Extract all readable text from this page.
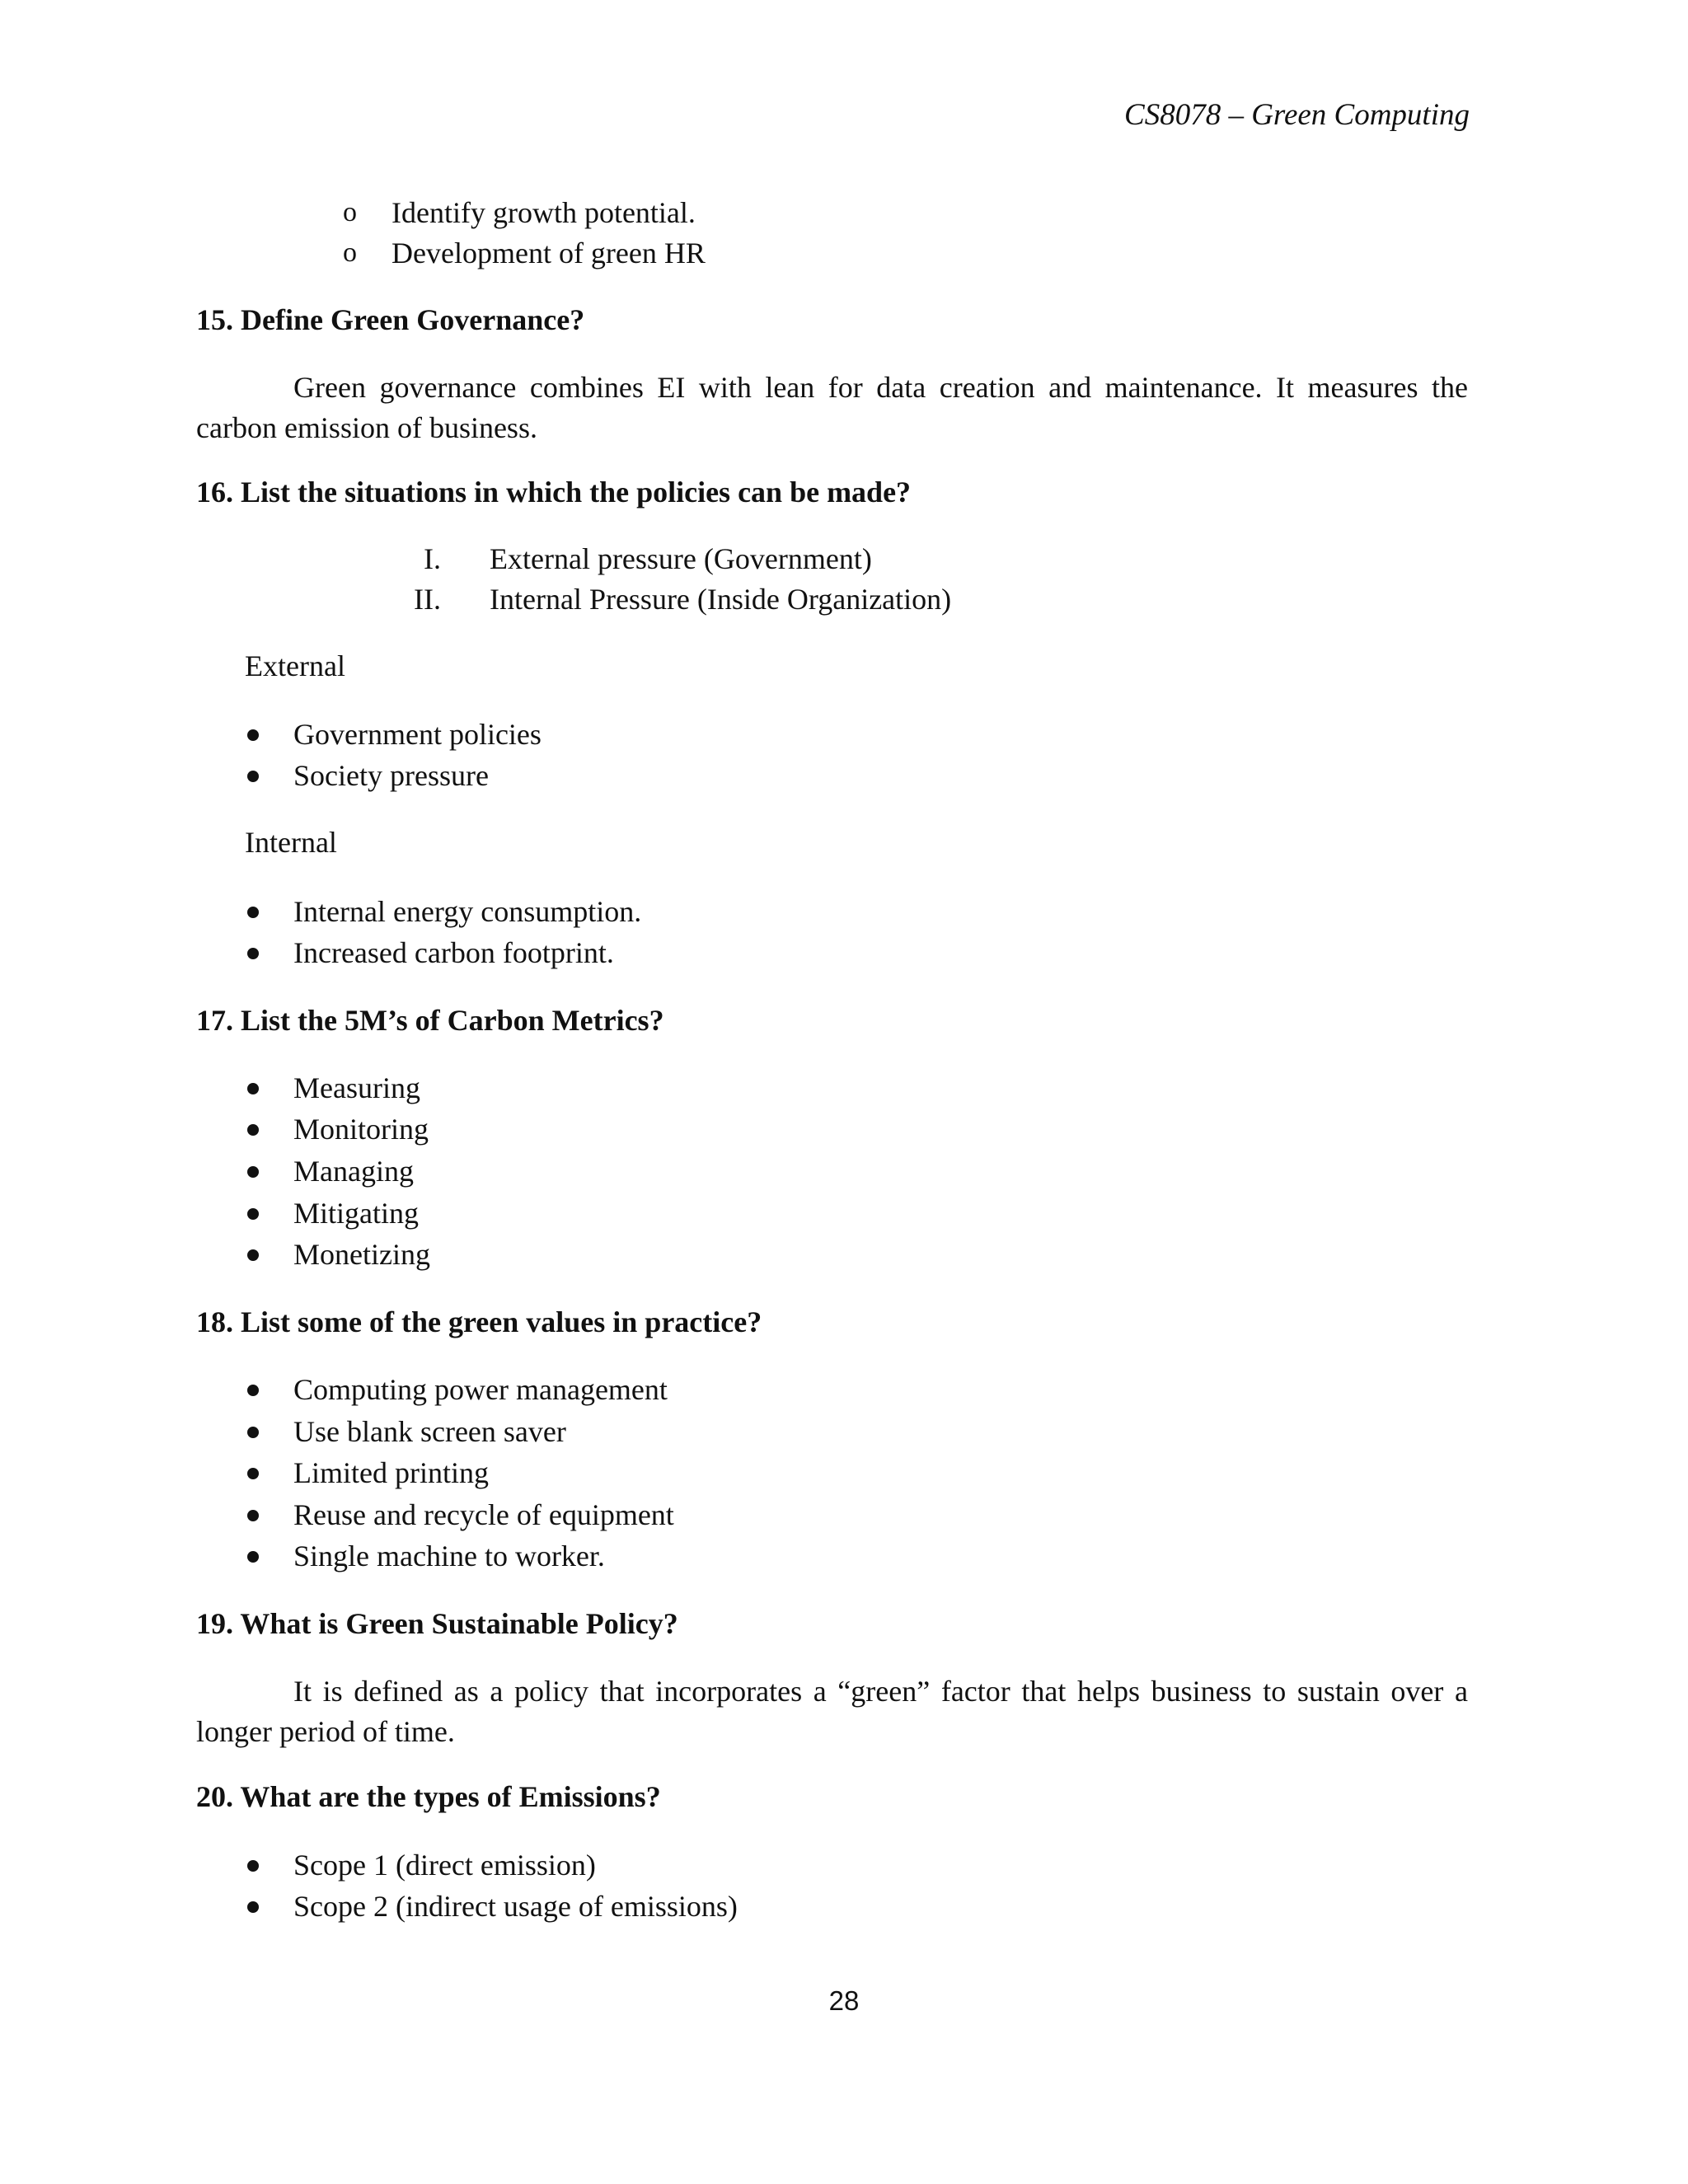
CS8078 – Green Computing
o Identify growth potential.
o Development of green HR
15. Define Green Governance?
Green governance combines EI with lean for data creation and maintenance. It measures the carbon emission of business.
16. List the situations in which the policies can be made?
I. External pressure (Government)
II. Internal Pressure (Inside Organization)
External
Government policies
Society pressure
Internal
Internal energy consumption.
Increased carbon footprint.
17. List the 5M’s of Carbon Metrics?
Measuring
Monitoring
Managing
Mitigating
Monetizing
18. List some of the green values in practice?
Computing power management
Use blank screen saver
Limited printing
Reuse and recycle of equipment
Single machine to worker.
19. What is Green Sustainable Policy?
It is defined as a policy that incorporates a “green” factor that helps business to sustain over a longer period of time.
20. What are the types of Emissions?
Scope 1 (direct emission)
Scope 2 (indirect usage of emissions)
28
